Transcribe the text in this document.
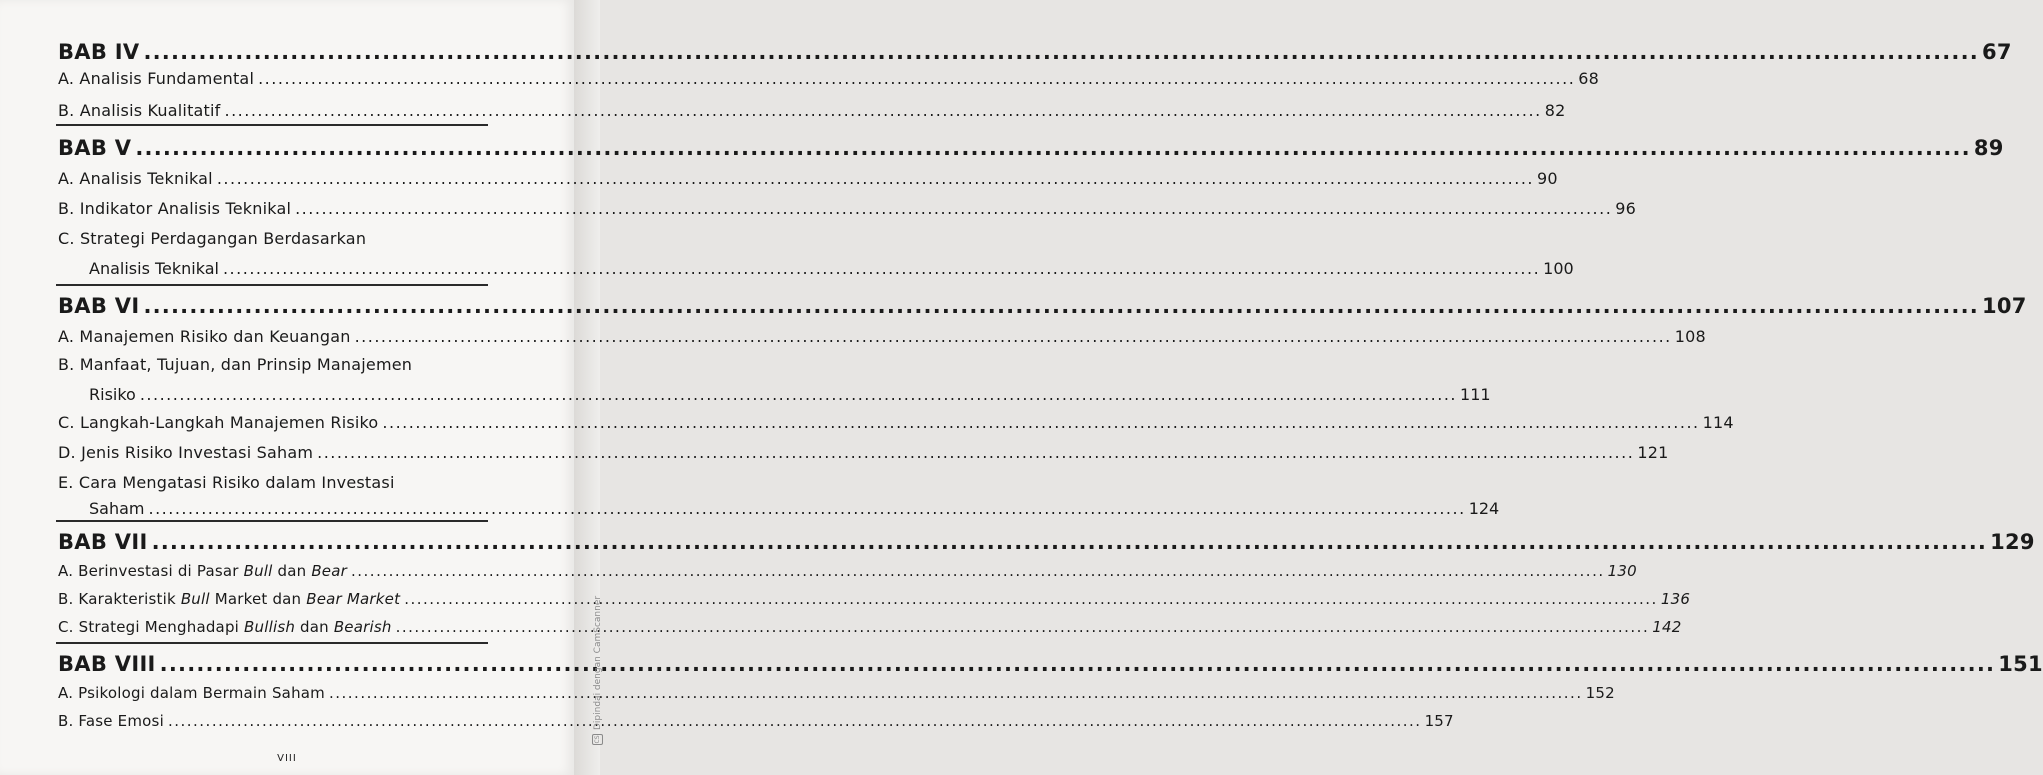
BAB IV .....	67
A. Analisis Fundamental .....	68
B. Analisis Kualitatif .....	82
BAB V .....	89
A. Analisis Teknikal .....	90
B. Indikator Analisis Teknikal .....	96
C. Strategi Perdagangan Berdasarkan
Analisis Teknikal .....	100
BAB VI .....	107
A. Manajemen Risiko dan Keuangan .....	108
B. Manfaat, Tujuan, dan Prinsip Manajemen
Risiko .....	111
C. Langkah-Langkah Manajemen Risiko .....	114
D. Jenis Risiko Investasi Saham .....	121
E. Cara Mengatasi Risiko dalam Investasi
Saham .....	124
BAB VII .....	129
A. Berinvestasi di Pasar Bull dan Bear .....	130
B. Karakteristik Bull Market dan Bear Market .....	136
C. Strategi Menghadapi Bullish dan Bearish .....	142
BAB VIII .....	151
A. Psikologi dalam Bermain Saham .....	152
B. Fase Emosi .....	157
VIII
CS
Dipindai dengan CamScanner
